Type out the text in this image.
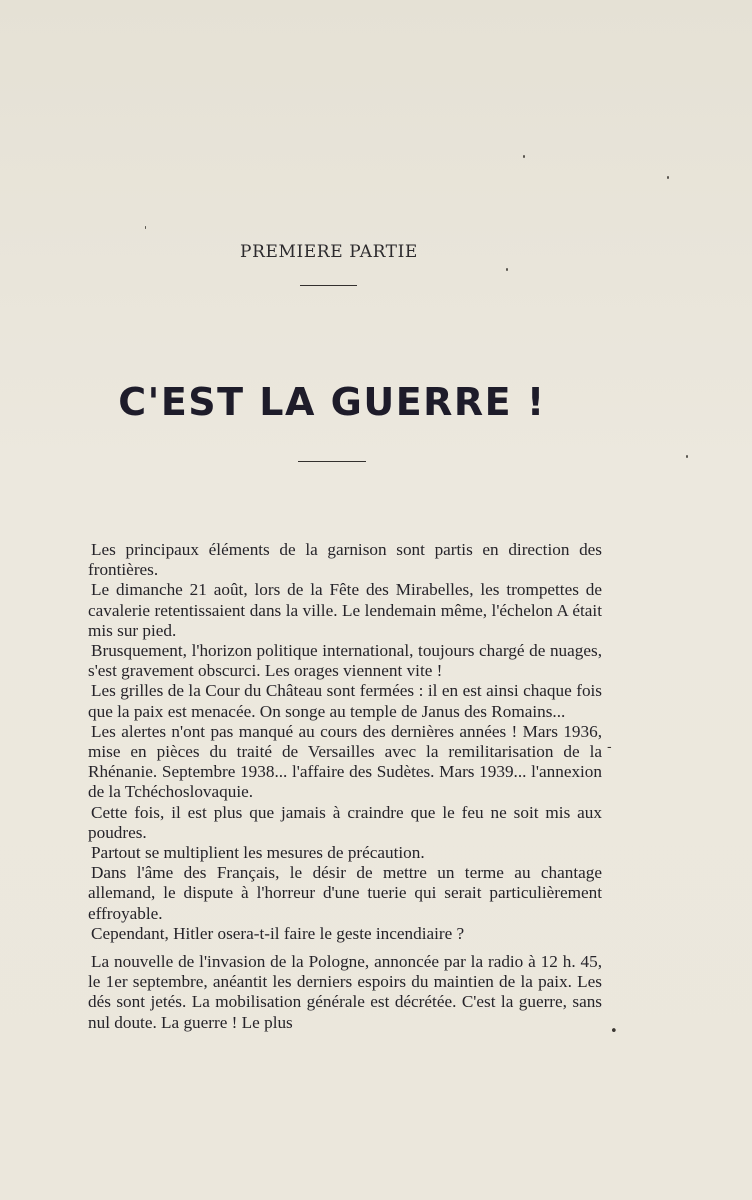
PREMIERE PARTIE
C'EST LA GUERRE !

Les principaux éléments de la garnison sont partis en direction des frontières.

Le dimanche 21 août, lors de la Fête des Mirabelles, les trompettes de cavalerie retentissaient dans la ville. Le lendemain même, l'échelon A était mis sur pied.

Brusquement, l'horizon politique international, toujours chargé de nuages, s'est gravement obscurci. Les orages viennent vite !

Les grilles de la Cour du Château sont fermées : il en est ainsi chaque fois que la paix est menacée. On songe au temple de Janus des Romains...

Les alertes n'ont pas manqué au cours des dernières années ! Mars 1936, mise en pièces du traité de Versailles avec la remilitarisation de la Rhénanie. Septembre 1938... l'affaire des Sudètes. Mars 1939... l'annexion de la Tchéchoslovaquie.

Cette fois, il est plus que jamais à craindre que le feu ne soit mis aux poudres.

Partout se multiplient les mesures de précaution.

Dans l'âme des Français, le désir de mettre un terme au chantage allemand, le dispute à l'horreur d'une tuerie qui serait particulièrement effroyable.

Cependant, Hitler osera-t-il faire le geste incendiaire ?

La nouvelle de l'invasion de la Pologne, annoncée par la radio à 12 h. 45, le 1er septembre, anéantit les derniers espoirs du maintien de la paix. Les dés sont jetés. La mobilisation générale est décrétée. C'est la guerre, sans nul doute. La guerre ! Le plus

-
•
